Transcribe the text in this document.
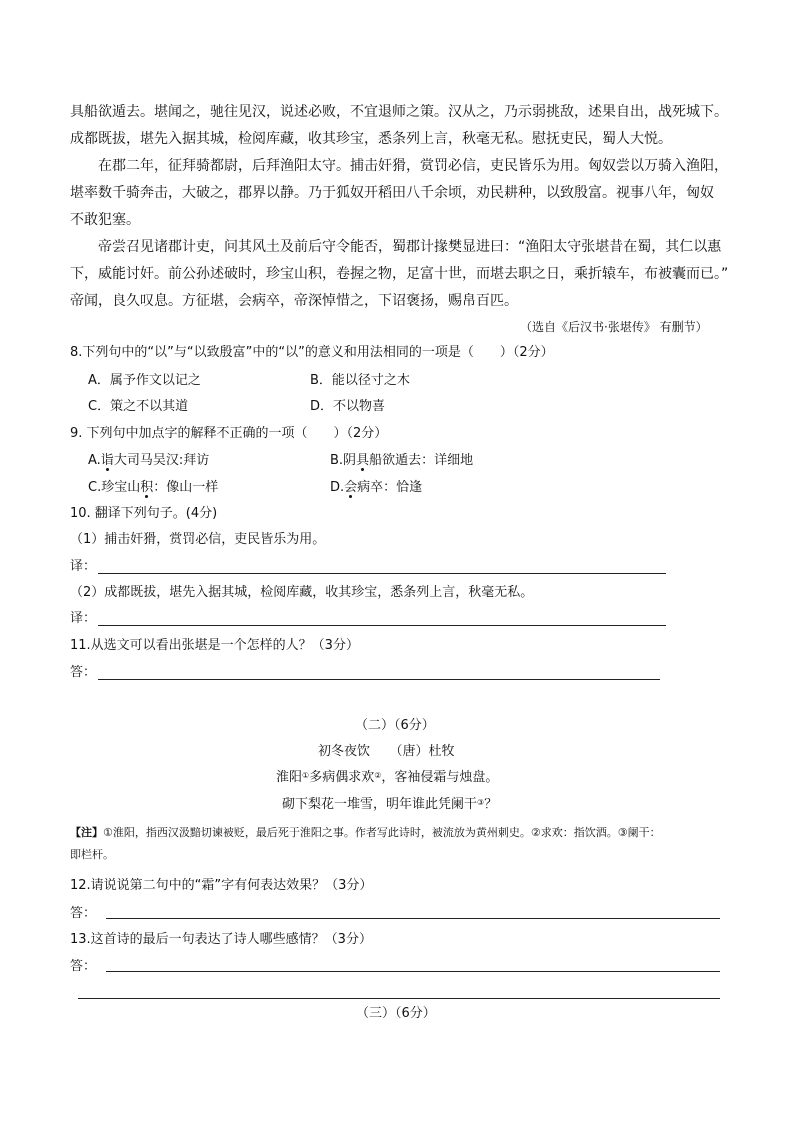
具船欲遁去。堪闻之，驰往见汉，说述必败，不宜退师之策。汉从之，乃示弱挑敌，述果自出，战死城下。
成都既拔，堪先入据其城，检阅库藏，收其珍宝，悉条列上言，秋毫无私。慰抚吏民，蜀人大悦。
在郡二年，征拜骑都尉，后拜渔阳太守。捕击奸猾，赏罚必信，吏民皆乐为用。匈奴尝以万骑入渔阳，
堪率数千骑奔击，大破之，郡界以静。乃于狐奴开稻田八千余顷，劝民耕种，以致殷富。视事八年，匈奴
不敢犯塞。
帝尝召见诸郡计吏，问其风土及前后守令能否，蜀郡计掾樊显进曰：“渔阳太守张堪昔在蜀，其仁以惠
下，威能讨奸。前公孙述破时，珍宝山积，卷握之物，足富十世，而堪去职之日，乘折辕车，布被囊而已。”
帝闻，良久叹息。方征堪，会病卒，帝深悼惜之，下诏褒扬，赐帛百匹。
（选自《后汉书·张堪传》 有删节）
8.下列句中的“以”与“以致殷富”中的“以”的意义和用法相同的一项是（　　）（2分）
A．属予作文以记之	B．能以径寸之木
C．策之不以其道	D．不以物喜
9. 下列句中加点字的解释不正确的一项（　　）（2分）
A.诣大司马吴汉:拜访	B.阴具船欲遁去：详细地
C.珍宝山积：像山一样	D.会病卒：恰逢
10. 翻译下列句子。(4分)
（1）捕击奸猾，赏罚必信，吏民皆乐为用。
译：
（2）成都既拔，堪先入据其城，检阅库藏，收其珍宝，悉条列上言，秋毫无私。
译：
11.从选文可以看出张堪是一个怎样的人？（3分）
答：
（二）（6分）
初冬夜饮　　（唐）杜牧
淮阳①多病偶求欢②，客袖侵霜与烛盘。
砌下梨花一堆雪，明年谁此凭阑干③？
【注】①淮阳，指西汉汲黯切谏被贬，最后死于淮阳之事。作者写此诗时，被流放为黄州刺史。②求欢：指饮酒。③阑干：
即栏杆。
12.请说说第二句中的“霜”字有何表达效果？（3分）
答：
13.这首诗的最后一句表达了诗人哪些感情？（3分）
答：
（三）（6分）
